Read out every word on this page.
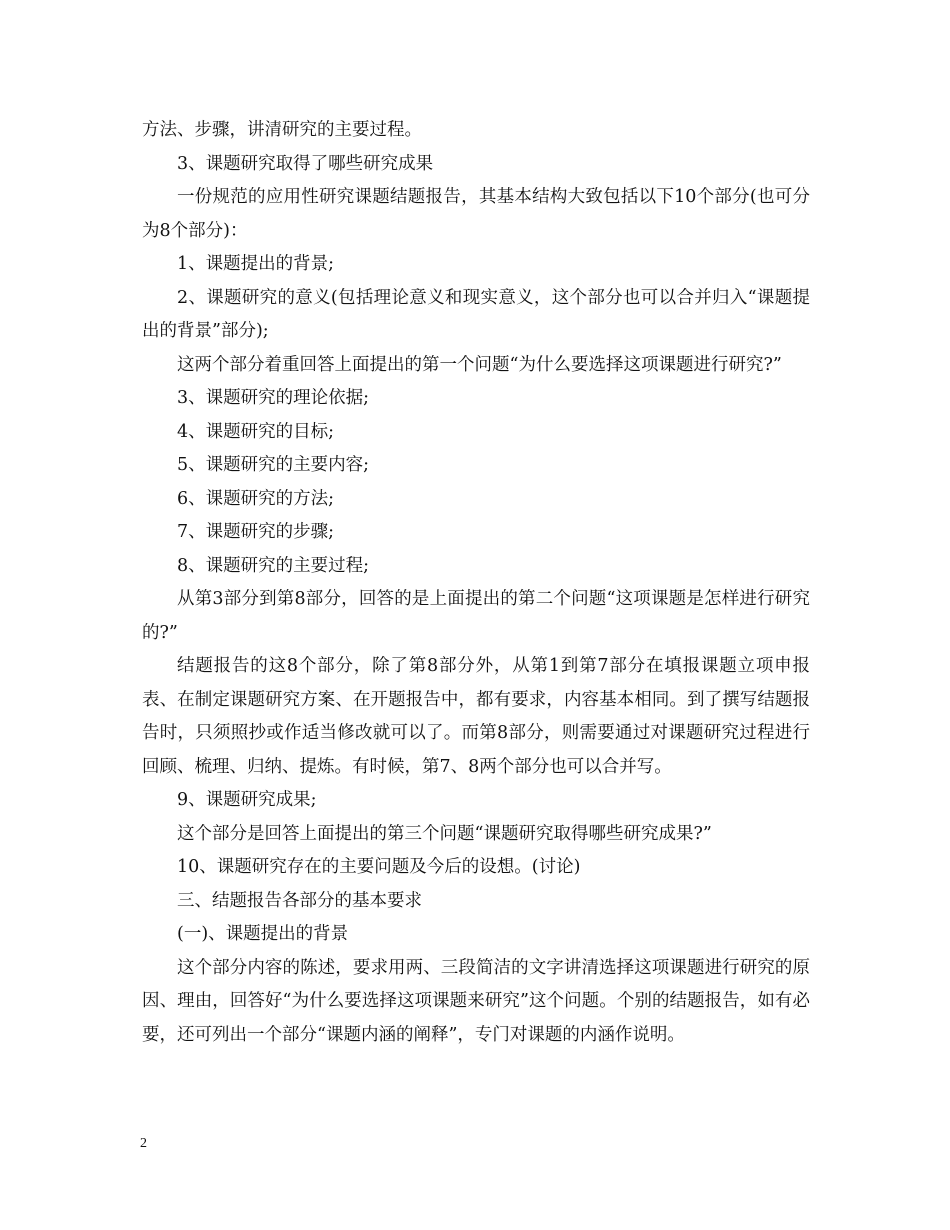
方法、步骤，讲清研究的主要过程。

3、课题研究取得了哪些研究成果

一份规范的应用性研究课题结题报告，其基本结构大致包括以下10个部分(也可分为8个部分)：

1、课题提出的背景;

2、课题研究的意义(包括理论意义和现实意义，这个部分也可以合并归入“课题提出的背景”部分);

这两个部分着重回答上面提出的第一个问题“为什么要选择这项课题进行研究?”

3、课题研究的理论依据;

4、课题研究的目标;

5、课题研究的主要内容;

6、课题研究的方法;

7、课题研究的步骤;

8、课题研究的主要过程;

从第3部分到第8部分，回答的是上面提出的第二个问题“这项课题是怎样进行研究的?”

结题报告的这8个部分，除了第8部分外，从第1到第7部分在填报课题立项申报表、在制定课题研究方案、在开题报告中，都有要求，内容基本相同。到了撰写结题报告时，只须照抄或作适当修改就可以了。而第8部分，则需要通过对课题研究过程进行回顾、梳理、归纳、提炼。有时候，第7、8两个部分也可以合并写。

9、课题研究成果;

这个部分是回答上面提出的第三个问题“课题研究取得哪些研究成果?”

10、课题研究存在的主要问题及今后的设想。(讨论)

三、结题报告各部分的基本要求

(一)、课题提出的背景

这个部分内容的陈述，要求用两、三段简洁的文字讲清选择这项课题进行研究的原因、理由，回答好“为什么要选择这项课题来研究”这个问题。个别的结题报告，如有必要，还可列出一个部分“课题内涵的阐释”，专门对课题的内涵作说明。

2
